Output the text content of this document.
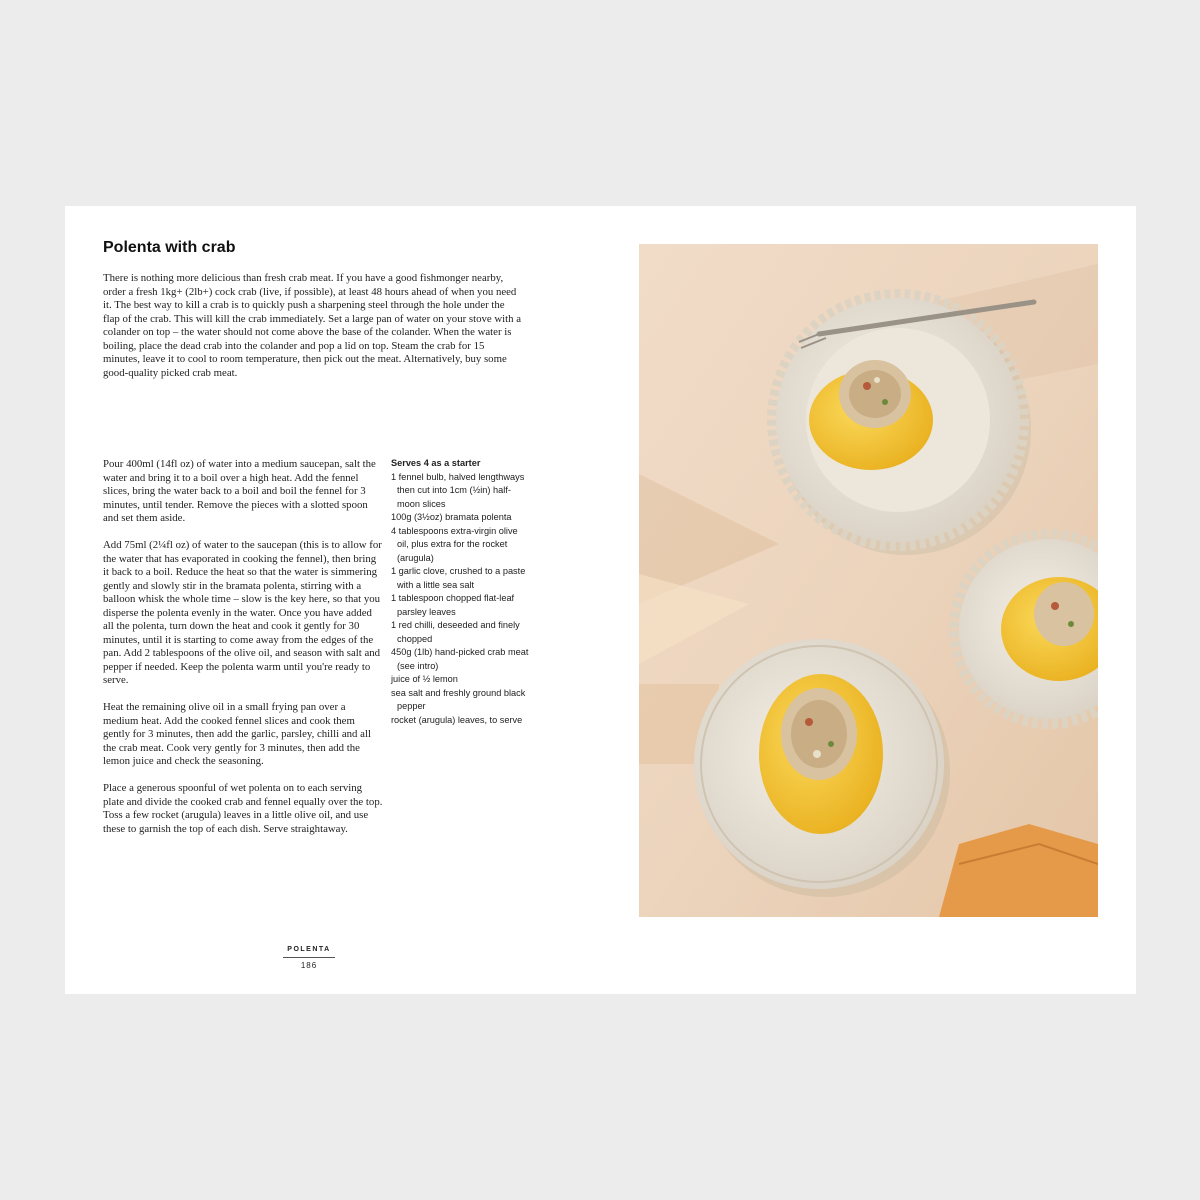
Polenta with crab

There is nothing more delicious than fresh crab meat. If you have a good fishmonger nearby, order a fresh 1kg+ (2lb+) cock crab (live, if possible), at least 48 hours ahead of when you need it. The best way to kill a crab is to quickly push a sharpening steel through the hole under the flap of the crab. This will kill the crab immediately. Set a large pan of water on your stove with a colander on top – the water should not come above the base of the colander. When the water is boiling, place the dead crab into the colander and pop a lid on top. Steam the crab for 15 minutes, leave it to cool to room temperature, then pick out the meat. Alternatively, buy some good-quality picked crab meat.

Pour 400ml (14fl oz) of water into a medium saucepan, salt the water and bring it to a boil over a high heat. Add the fennel slices, bring the water back to a boil and boil the fennel for 3 minutes, until tender. Remove the pieces with a slotted spoon and set them aside.

Add 75ml (2¼fl oz) of water to the saucepan (this is to allow for the water that has evaporated in cooking the fennel), then bring it back to a boil. Reduce the heat so that the water is simmering gently and slowly stir in the bramata polenta, stirring with a balloon whisk the whole time – slow is the key here, so that you disperse the polenta evenly in the water. Once you have added all the polenta, turn down the heat and cook it gently for 30 minutes, until it is starting to come away from the edges of the pan. Add 2 tablespoons of the olive oil, and season with salt and pepper if needed. Keep the polenta warm until you're ready to serve.

Heat the remaining olive oil in a small frying pan over a medium heat. Add the cooked fennel slices and cook them gently for 3 minutes, then add the garlic, parsley, chilli and all the crab meat. Cook very gently for 3 minutes, then add the lemon juice and check the seasoning.

Place a generous spoonful of wet polenta on to each serving plate and divide the cooked crab and fennel equally over the top. Toss a few rocket (arugula) leaves in a little olive oil, and use these to garnish the top of each dish. Serve straightaway.

Serves 4 as a starter

1 fennel bulb, halved lengthways then cut into 1cm (½in) half-moon slices
100g (3½oz) bramata polenta
4 tablespoons extra-virgin olive oil, plus extra for the rocket (arugula)
1 garlic clove, crushed to a paste with a little sea salt
1 tablespoon chopped flat-leaf parsley leaves
1 red chilli, deseeded and finely chopped
450g (1lb) hand-picked crab meat (see intro)
juice of ½ lemon
sea salt and freshly ground black pepper
rocket (arugula) leaves, to serve
POLENTA
186
